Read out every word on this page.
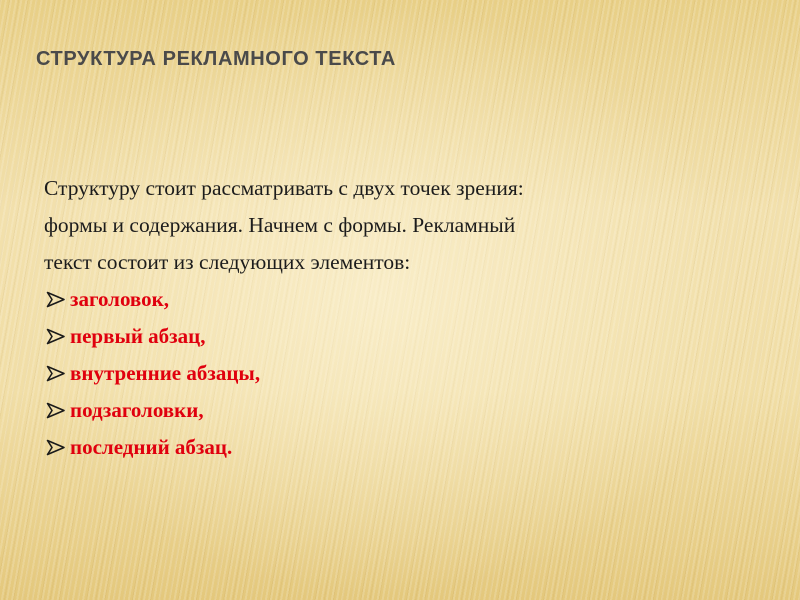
СТРУКТУРА РЕКЛАМНОГО ТЕКСТА

Структуру стоит рассматривать с двух точек зрения:
формы и содержания. Начнем с формы. Рекламный
текст состоит из следующих элементов:

заголовок,
первый абзац,
внутренние абзацы,
подзаголовки,
последний абзац.
